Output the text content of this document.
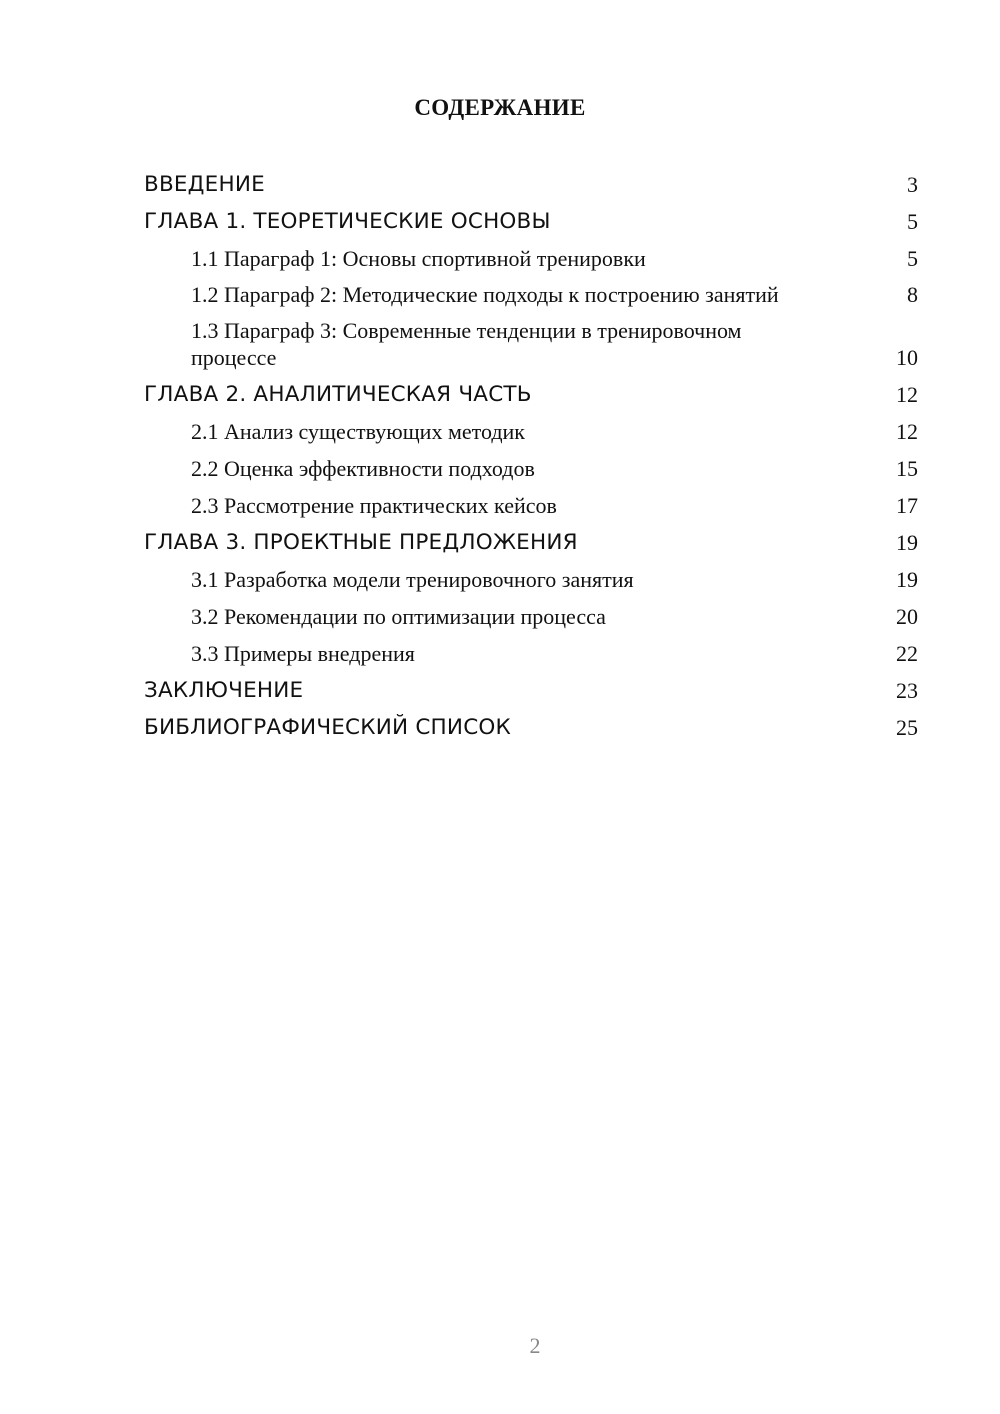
СОДЕРЖАНИЕ
ВВЕДЕНИЕ	3
ГЛАВА 1. ТЕОРЕТИЧЕСКИЕ ОСНОВЫ	5
1.1 Параграф 1: Основы спортивной тренировки	5
1.2 Параграф 2: Методические подходы к построению занятий	8
1.3 Параграф 3: Современные тенденции в тренировочном процессе	10
ГЛАВА 2. АНАЛИТИЧЕСКАЯ ЧАСТЬ	12
2.1 Анализ существующих методик	12
2.2 Оценка эффективности подходов	15
2.3 Рассмотрение практических кейсов	17
ГЛАВА 3. ПРОЕКТНЫЕ ПРЕДЛОЖЕНИЯ	19
3.1 Разработка модели тренировочного занятия	19
3.2 Рекомендации по оптимизации процесса	20
3.3 Примеры внедрения	22
ЗАКЛЮЧЕНИЕ	23
БИБЛИОГРАФИЧЕСКИЙ СПИСОК	25
2
